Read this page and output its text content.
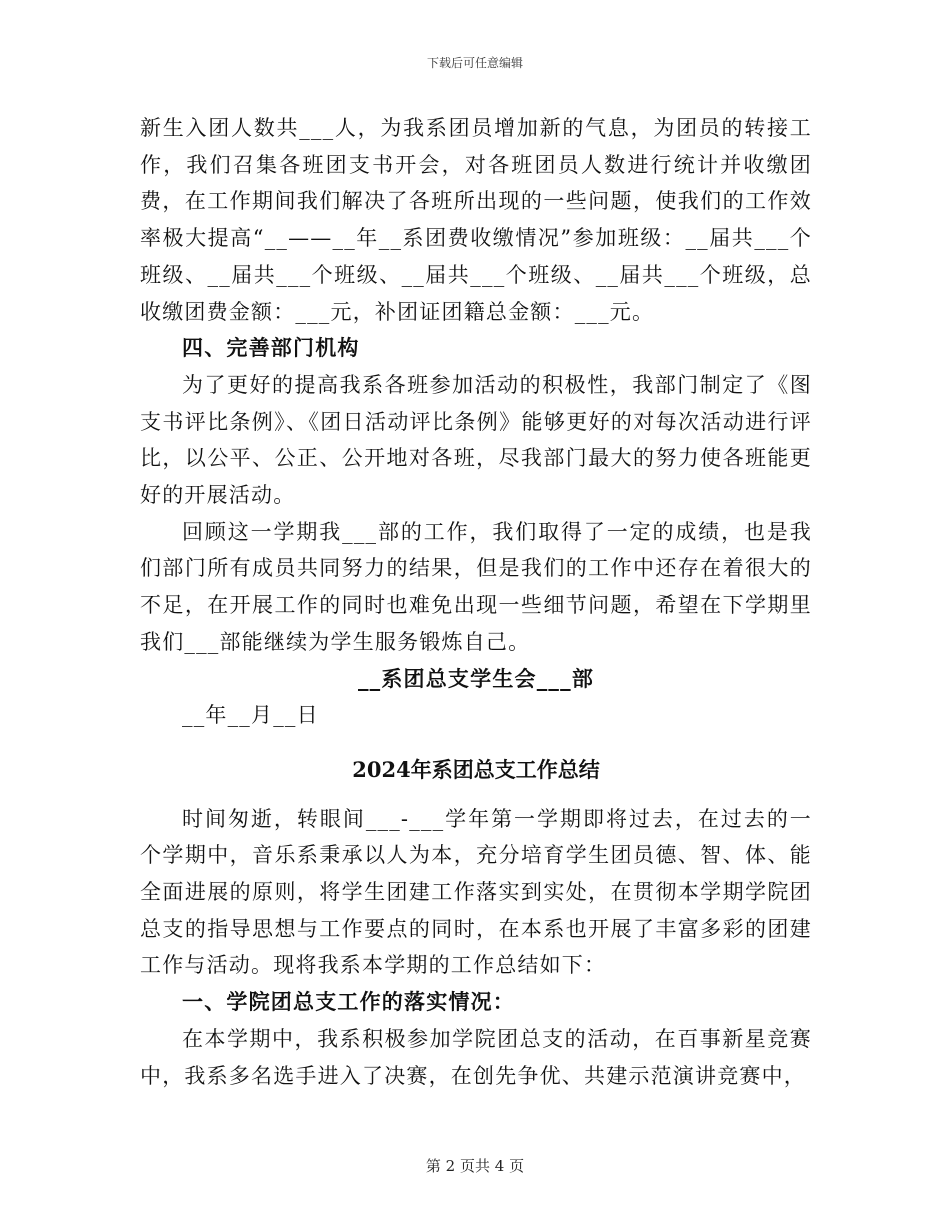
下载后可任意编辑

新生入团人数共___人，为我系团员增加新的气息，为团员的转接工作，我们召集各班团支书开会，对各班团员人数进行统计并收缴团费，在工作期间我们解决了各班所出现的一些问题，使我们的工作效率极大提高“__——__年__系团费收缴情况”参加班级：__届共___个班级、__届共___个班级、__届共___个班级、__届共___个班级，总收缴团费金额：___元，补团证团籍总金额：___元。

四、完善部门机构

为了更好的提高我系各班参加活动的积极性，我部门制定了《图支书评比条例》、《团日活动评比条例》能够更好的对每次活动进行评比，以公平、公正、公开地对各班，尽我部门最大的努力使各班能更好的开展活动。

回顾这一学期我___部的工作，我们取得了一定的成绩，也是我们部门所有成员共同努力的结果，但是我们的工作中还存在着很大的不足，在开展工作的同时也难免出现一些细节问题，希望在下学期里我们___部能继续为学生服务锻炼自己。

__系团总支学生会___部

__年__月__日

2024年系团总支工作总结

时间匆逝，转眼间___-___学年第一学期即将过去，在过去的一个学期中，音乐系秉承以人为本，充分培育学生团员德、智、体、能全面进展的原则，将学生团建工作落实到实处，在贯彻本学期学院团总支的指导思想与工作要点的同时，在本系也开展了丰富多彩的团建工作与活动。现将我系本学期的工作总结如下：

一、学院团总支工作的落实情况：

在本学期中，我系积极参加学院团总支的活动，在百事新星竞赛中，我系多名选手进入了决赛，在创先争优、共建示范演讲竞赛中，

第 2 页共 4 页
